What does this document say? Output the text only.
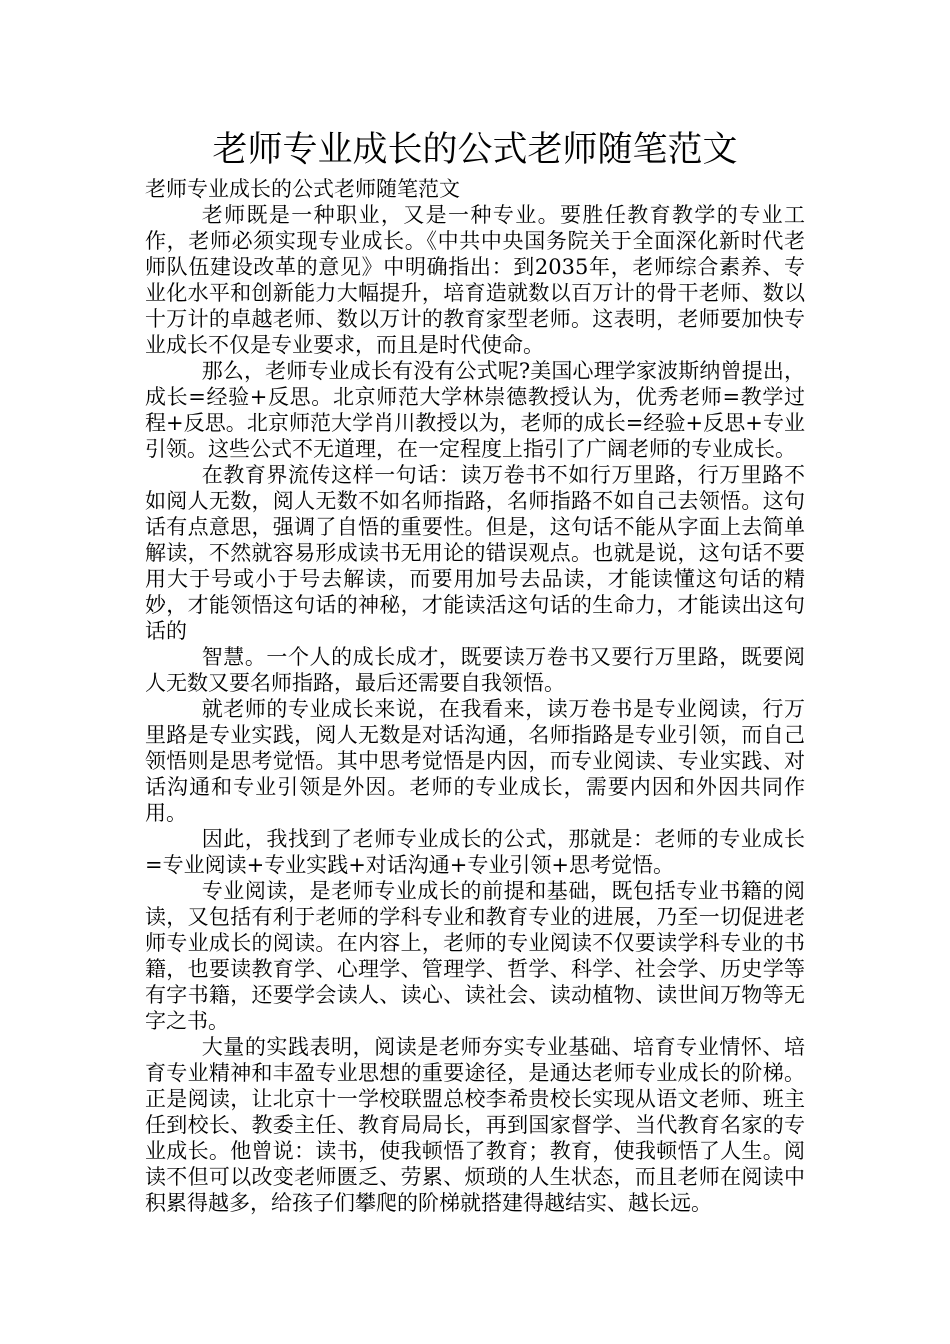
老师专业成长的公式老师随笔范文

老师专业成长的公式老师随笔范文

老师既是一种职业，又是一种专业。要胜任教育教学的专业工作，老师必须实现专业成长。《中共中央国务院关于全面深化新时代老师队伍建设改革的意见》中明确指出：到2035年，老师综合素养、专业化水平和创新能力大幅提升，培育造就数以百万计的骨干老师、数以十万计的卓越老师、数以万计的教育家型老师。这表明，老师要加快专业成长不仅是专业要求，而且是时代使命。

那么，老师专业成长有没有公式呢?美国心理学家波斯纳曾提出，成长=经验+反思。北京师范大学林崇德教授认为，优秀老师=教学过程+反思。北京师范大学肖川教授以为，老师的成长=经验+反思+专业引领。这些公式不无道理，在一定程度上指引了广阔老师的专业成长。

在教育界流传这样一句话：读万卷书不如行万里路，行万里路不如阅人无数，阅人无数不如名师指路，名师指路不如自己去领悟。这句话有点意思，强调了自悟的重要性。但是，这句话不能从字面上去简单解读，不然就容易形成读书无用论的错误观点。也就是说，这句话不要用大于号或小于号去解读，而要用加号去品读，才能读懂这句话的精妙，才能领悟这句话的神秘，才能读活这句话的生命力，才能读出这句话的

智慧。一个人的成长成才，既要读万卷书又要行万里路，既要阅人无数又要名师指路，最后还需要自我领悟。

就老师的专业成长来说，在我看来，读万卷书是专业阅读，行万里路是专业实践，阅人无数是对话沟通，名师指路是专业引领，而自己领悟则是思考觉悟。其中思考觉悟是内因，而专业阅读、专业实践、对话沟通和专业引领是外因。老师的专业成长，需要内因和外因共同作用。

因此，我找到了老师专业成长的公式，那就是：老师的专业成长=专业阅读+专业实践+对话沟通+专业引领+思考觉悟。

专业阅读，是老师专业成长的前提和基础，既包括专业书籍的阅读，又包括有利于老师的学科专业和教育专业的进展，乃至一切促进老师专业成长的阅读。在内容上，老师的专业阅读不仅要读学科专业的书籍，也要读教育学、心理学、管理学、哲学、科学、社会学、历史学等有字书籍，还要学会读人、读心、读社会、读动植物、读世间万物等无字之书。

大量的实践表明，阅读是老师夯实专业基础、培育专业情怀、培育专业精神和丰盈专业思想的重要途径，是通达老师专业成长的阶梯。正是阅读，让北京十一学校联盟总校李希贵校长实现从语文老师、班主任到校长、教委主任、教育局局长，再到国家督学、当代教育名家的专业成长。他曾说：读书，使我顿悟了教育；教育，使我顿悟了人生。阅读不但可以改变老师匮乏、劳累、烦琐的人生状态，而且老师在阅读中积累得越多，给孩子们攀爬的阶梯就搭建得越结实、越长远。
